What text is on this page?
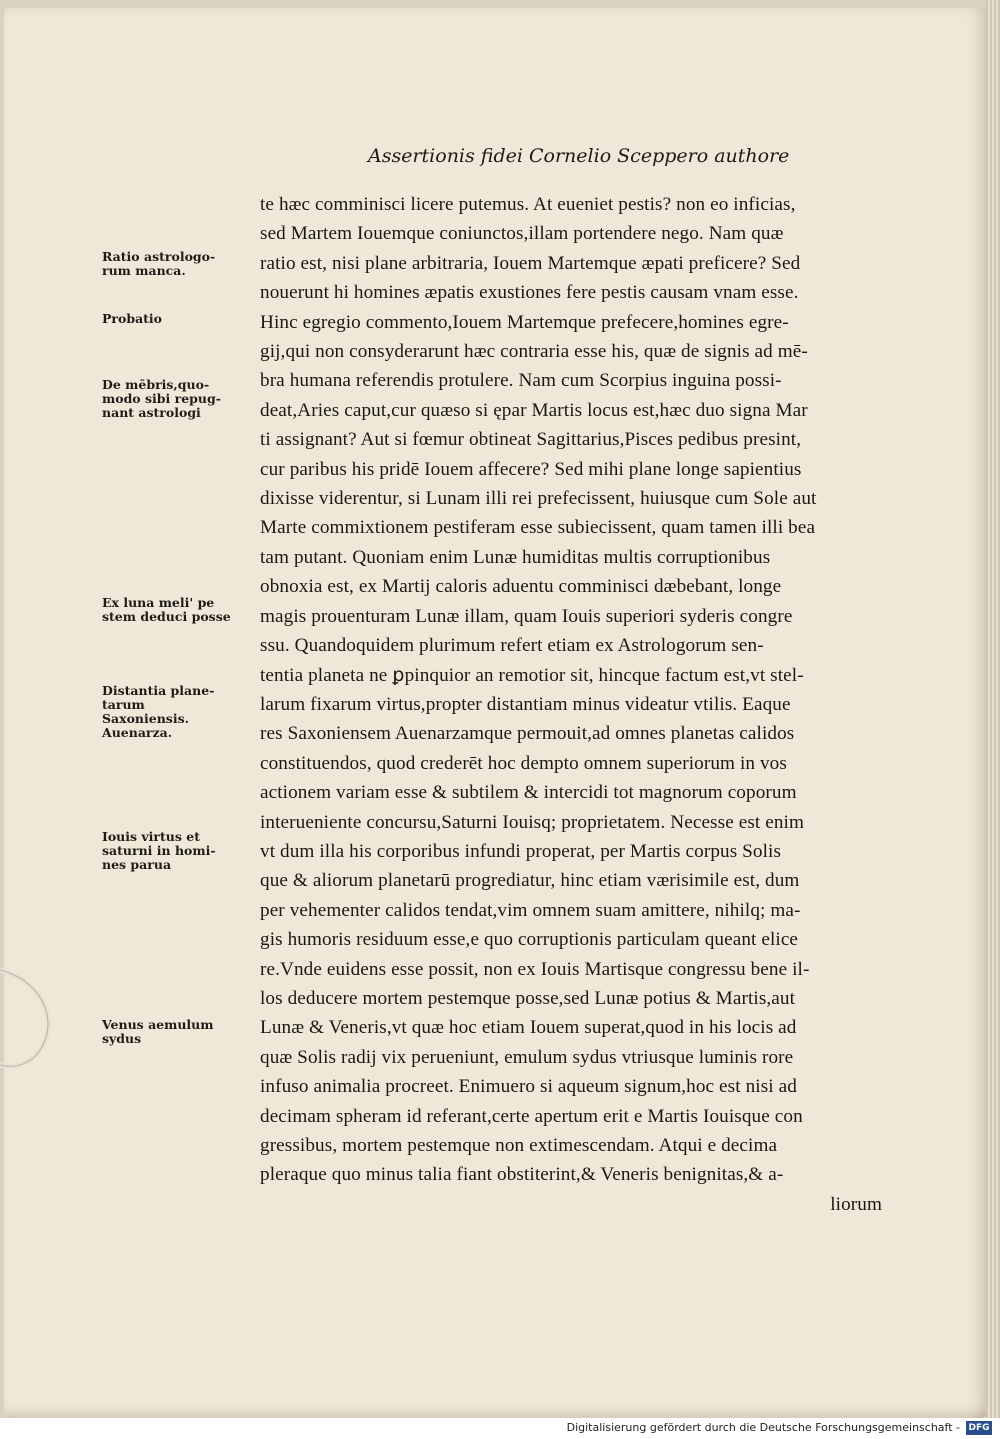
Assertionis fidei Cornelio Sceppero authore
te hæc comminisci licere putemus. At eueniet pestis? non eo inficias,
sed Martem Iouemque coniunctos,illam portendere nego. Nam quæ
ratio est, nisi plane arbitraria, Iouem Martemque æpati preficere? Sed
nouerunt hi homines æpatis exustiones fere pestis causam vnam esse.
Hinc egregio commento,Iouem Martemque prefecere,homines egre-
gij,qui non consyderarunt hæc contraria esse his, quæ de signis ad mē-
bra humana referendis protulere. Nam cum Scorpius inguina possi-
deat,Aries caput,cur quæso si ępar Martis locus est,hæc duo signa Mar
ti assignant? Aut si fœmur obtineat Sagittarius,Pisces pedibus presint,
cur paribus his pridē Iouem affecere? Sed mihi plane longe sapientius
dixisse viderentur, si Lunam illi rei prefecissent, huiusque cum Sole aut
Marte commixtionem pestiferam esse subiecissent, quam tamen illi bea
tam putant. Quoniam enim Lunæ humiditas multis corruptionibus
obnoxia est, ex Martij caloris aduentu comminisci dæbebant, longe
magis prouenturam Lunæ illam, quam Iouis superiori syderis congre
ssu. Quandoquidem plurimum refert etiam ex Astrologorum sen-
tentia planeta ne ꝑpinquior an remotior sit, hincque factum est,vt stel-
larum fixarum virtus,propter distantiam minus videatur vtilis. Eaque
res Saxoniensem Auenarzamque permouit,ad omnes planetas calidos
constituendos, quod crederēt hoc dempto omnem superiorum in vos
actionem variam esse & subtilem & intercidi tot magnorum coporum
interueniente concursu,Saturni Iouisq; proprietatem. Necesse est enim
vt dum illa his corporibus infundi properat, per Martis corpus Solis
que & aliorum planetarū progrediatur, hinc etiam værisimile est, dum
per vehementer calidos tendat,vim omnem suam amittere, nihilq; ma-
gis humoris residuum esse,e quo corruptionis particulam queant elice
re.Vnde euidens esse possit, non ex Iouis Martisque congressu bene il-
los deducere mortem pestemque posse,sed Lunæ potius & Martis,aut
Lunæ & Veneris,vt quæ hoc etiam Iouem superat,quod in his locis ad
quæ Solis radij vix perueniunt, emulum sydus vtriusque luminis rore
infuso animalia procreet. Enimuero si aqueum signum,hoc est nisi ad
decimam spheram id referant,certe apertum erit e Martis Iouisque con
gressibus, mortem pestemque non extimescendam. Atqui e decima
pleraque quo minus talia fiant obstiterint,& Veneris benignitas,& a-
liorum
Ratio astrologo-
rum manca.
Probatio
De mēbris,quo-
modo sibi repug-
nant astrologi
Ex luna meli' pe
stem deduci posse
Distantia plane-
tarum
Saxoniensis.
Auenarza.
Iouis virtus et
saturni in homi-
nes parua
Venus aemulum
sydus
Digitalisierung gefördert durch die Deutsche Forschungsgemeinschaft - DFG
